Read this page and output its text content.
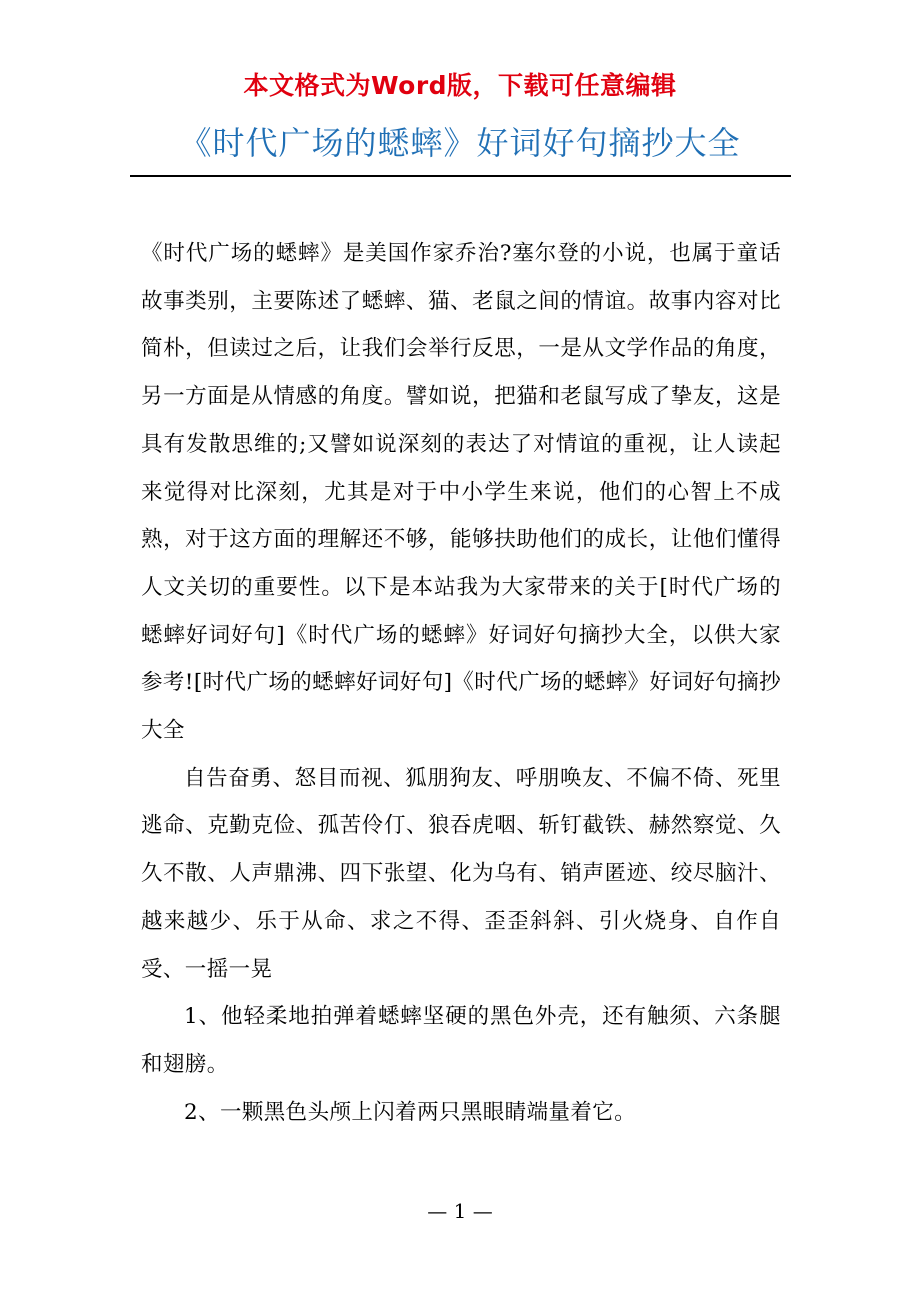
本文格式为Word版，下载可任意编辑
《时代广场的蟋蟀》好词好句摘抄大全

《时代广场的蟋蟀》是美国作家乔治?塞尔登的小说，也属于童话故事类别，主要陈述了蟋蟀、猫、老鼠之间的情谊。故事内容对比简朴，但读过之后，让我们会举行反思，一是从文学作品的角度，另一方面是从情感的角度。譬如说，把猫和老鼠写成了挚友，这是具有发散思维的;又譬如说深刻的表达了对情谊的重视，让人读起来觉得对比深刻，尤其是对于中小学生来说，他们的心智上不成熟，对于这方面的理解还不够，能够扶助他们的成长，让他们懂得人文关切的重要性。以下是本站我为大家带来的关于[时代广场的蟋蟀好词好句]《时代广场的蟋蟀》好词好句摘抄大全，以供大家参考![时代广场的蟋蟀好词好句]《时代广场的蟋蟀》好词好句摘抄大全

自告奋勇、怒目而视、狐朋狗友、呼朋唤友、不偏不倚、死里逃命、克勤克俭、孤苦伶仃、狼吞虎咽、斩钉截铁、赫然察觉、久久不散、人声鼎沸、四下张望、化为乌有、销声匿迹、绞尽脑汁、越来越少、乐于从命、求之不得、歪歪斜斜、引火烧身、自作自受、一摇一晃

1、他轻柔地拍弹着蟋蟀坚硬的黑色外壳，还有触须、六条腿和翅膀。

2、一颗黑色头颅上闪着两只黑眼睛端量着它。

— 1 —
